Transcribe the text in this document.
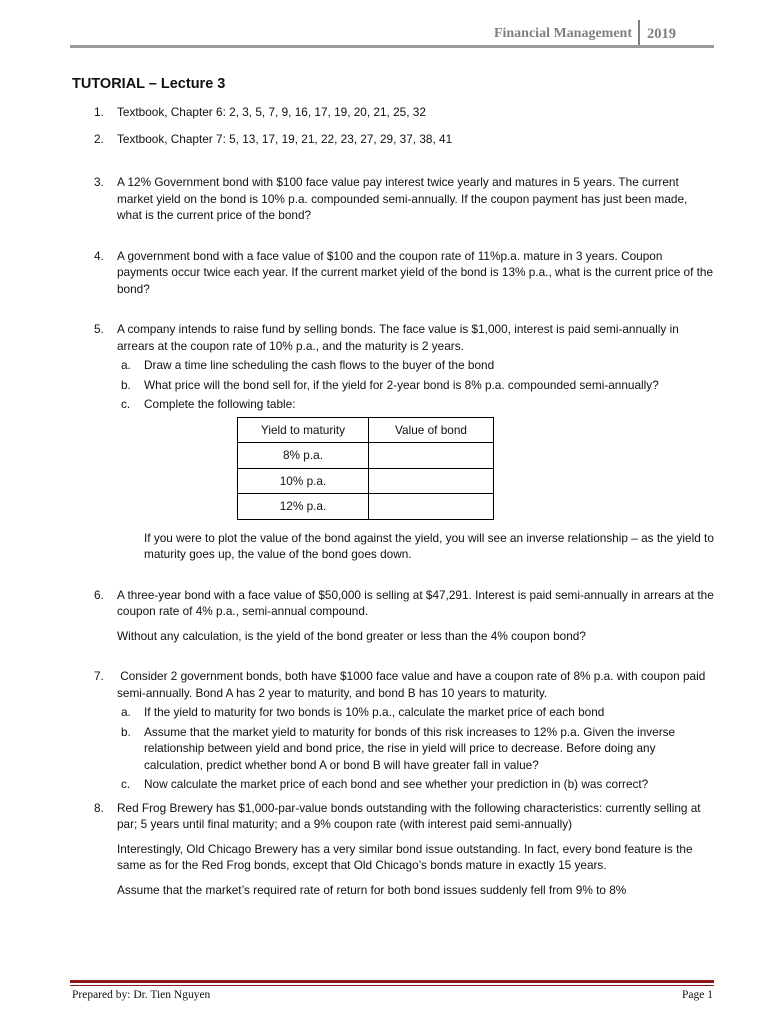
Financial Management	2019
TUTORIAL – Lecture 3
1.	Textbook, Chapter 6: 2, 3, 5, 7, 9, 16, 17, 19, 20, 21, 25, 32
2.	Textbook, Chapter 7: 5, 13, 17, 19, 21, 22, 23, 27, 29, 37, 38, 41
3.	A 12% Government bond with $100 face value pay interest twice yearly and matures in 5 years. The current market yield on the bond is 10% p.a. compounded semi-annually. If the coupon payment has just been made, what is the current price of the bond?
4.	A government bond with a face value of $100 and the coupon rate of 11%p.a. mature in 3 years. Coupon payments occur twice each year. If the current market yield of the bond is 13% p.a., what is the current price of the bond?
5.	A company intends to raise fund by selling bonds. The face value is $1,000, interest is paid semi-annually in arrears at the coupon rate of 10% p.a., and the maturity is 2 years.
a.	Draw a time line scheduling the cash flows to the buyer of the bond
b.	What price will the bond sell for, if the yield for 2-year bond is 8% p.a. compounded semi-annually?
c.	Complete the following table:
Yield to maturity	Value of bond
8% p.a.	
10% p.a.	
12% p.a.	
If you were to plot the value of the bond against the yield, you will see an inverse relationship – as the yield to maturity goes up, the value of the bond goes down.
6.	A three-year bond with a face value of $50,000 is selling at $47,291. Interest is paid semi-annually in arrears at the coupon rate of 4% p.a., semi-annual compound.
Without any calculation, is the yield of the bond greater or less than the 4% coupon bond?
7.	Consider 2 government bonds, both have $1000 face value and have a coupon rate of 8% p.a. with coupon paid semi-annually. Bond A has 2 year to maturity, and bond B has 10 years to maturity.
a.	If the yield to maturity for two bonds is 10% p.a., calculate the market price of each bond
b.	Assume that the market yield to maturity for bonds of this risk increases to 12% p.a. Given the inverse relationship between yield and bond price, the rise in yield will price to decrease. Before doing any calculation, predict whether bond A or bond B will have greater fall in value?
c.	Now calculate the market price of each bond and see whether your prediction in (b) was correct?
8.	Red Frog Brewery has $1,000-par-value bonds outstanding with the following characteristics: currently selling at par; 5 years until final maturity; and a 9% coupon rate (with interest paid semi-annually)
Interestingly, Old Chicago Brewery has a very similar bond issue outstanding. In fact, every bond feature is the same as for the Red Frog bonds, except that Old Chicago’s bonds mature in exactly 15 years.
Assume that the market’s required rate of return for both bond issues suddenly fell from 9% to 8%
Prepared by: Dr. Tien Nguyen	Page 1
